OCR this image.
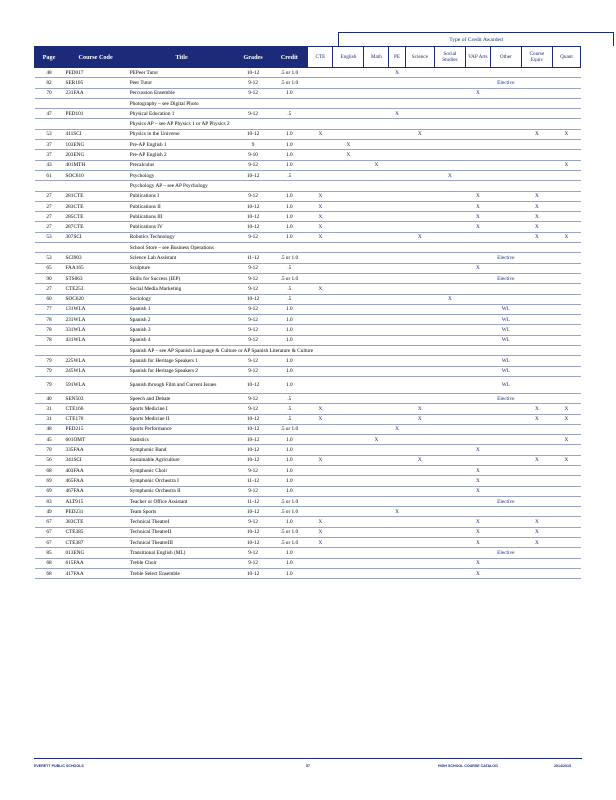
Type of Credit Awarded
Page	Course Code	Title	Grades	Credit	CTE	English	Math	PE	Science	Social Studies	VAP Arts	Other	Course Equiv	Quant
48	PED017	PEPeer Tutor	10-12	.5 or 1.0				X						
82	SER105	Peer Tutor	9-12	.5 or 1.0								Elective		
70	231FAA	Percussion Ensemble	9-12	1.0							X			
		Photography – see Digital Photo												
47	PED101	Physical Education 1	9-12	.5				X						
		Physics AP – see AP Physics 1 or AP Physics 2												
53	411SCI	Physics in the Universe	10-12	1.0	X				X				X	X
37	103ENG	Pre-AP English 1	9	1.0		X								
37	203ENG	Pre-AP English 2	9-10	1.0		X								
43	401MTH	Precalculus	9-12	1.0			X							X
61	SOC610	Psychology	10-12	.5						X				
		Psychology AP – see AP Psychology												
27	281CTE	Publications I	9-12	1.0	X						X		X	
27	283CTE	Publications II	10-12	1.0	X						X		X	
27	285CTE	Publications III	10-12	1.0	X						X		X	
27	287CTE	Publications IV	10-12	1.0	X						X		X	
53	307SCI	Robotics Technology	9-12	1.0	X				X				X	X
		School Store – see Business Operations												
53	SCI903	Science Lab Assistant	11-12	.5 or 1.0								Elective		
65	FAA165	Sculpture	9-12	.5							X			
90	STS063	Skills for Success (IEP)	9-12	.5 or 1.0								Elective		
27	CTE253	Social Media Marketing	9-12	.5	X									
60	SOC620	Sociology	10-12	.5						X				
77	131WLA	Spanish 1	9-12	1.0								WL		
78	231WLA	Spanish 2	9-12	1.0								WL		
78	331WLA	Spanish 3	9-12	1.0								WL		
78	431WLA	Spanish 4	9-12	1.0								WL		
		Spanish AP – see AP Spanish Language & Culture or AP Spanish Literature & Culture												
79	225WLA	Spanish for Heritage Speakers 1	9-12	1.0								WL		
79	245WLA	Spanish for Heritage Speakers 2	9-12	1.0								WL		
79	591WLA	Spanish through Film and Current Issues	10-12	1.0								WL		
40	SEN503	Speech and Debate	9-12	.5								Elective		
31	CTE166	Sports Medicine I	9-12	.5	X				X				X	X
31	CTE170	Sports Medicine II	10-12	.5	X				X				X	X
48	PED215	Sports Performance	10-12	.5 or 1.0				X						
45	601OMT	Statistics	10-12	1.0			X							X
70	335FAA	Symphonic Band	10-12	1.0							X			
56	341SCI	Sustainable Agriculture	10-12	1.0	X				X				X	X
68	403FAA	Symphonic Choir	9-12	1.0							X			
69	465FAA	Symphonic Orchestra I	11-12	1.0							X			
69	467FAA	Symphonic Orchestra II	9-12	1.0							X			
83	ALT915	Teacher or Office Assistant	11-12	.5 or 1.0								Elective		
49	PED231	Team Sports	10-12	.5 or 1.0				X						
67	383CTE	Technical TheatreI	9-12	1.0	X						X		X	
67	CTE385	Technical TheatreII	10-12	.5 or 1.0	X						X		X	
67	CTE387	Technical TheatreIII	10-12	.5 or 1.0	X						X		X	
85	013ENG	Transitional English (ML)	9-12	1.0								Elective		
68	615FAA	Treble Choir	9-12	1.0							X			
68	417FAA	Treble Select Ensemble	10-12	1.0							X			
EVERETT PUBLIC SCHOOLS	57	HIGH SCHOOL COURSE CATALOG	2014/2015
